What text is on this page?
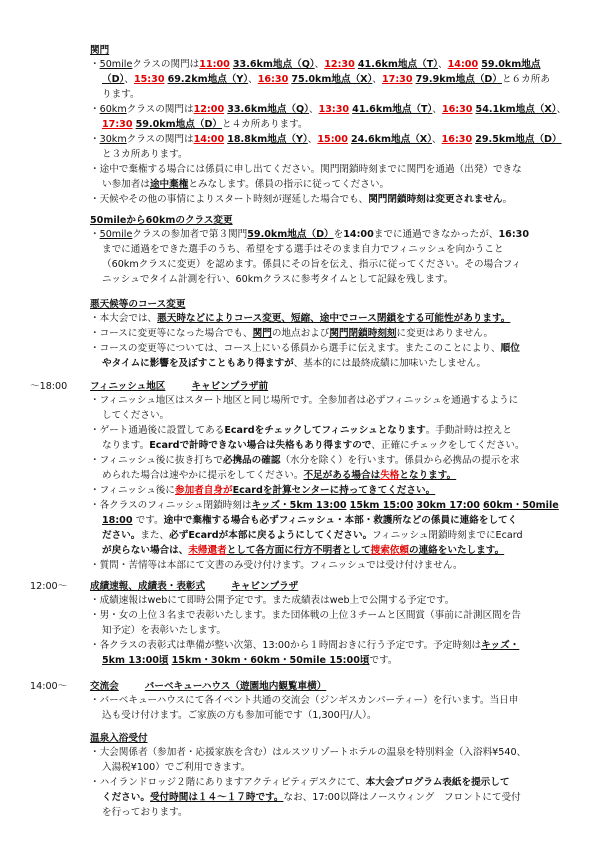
関門
・50mileクラスの関門は11:00 33.6km地点（Q）、12:30 41.6km地点（T）、14:00 59.0km地点
（D）、15:30 69.2km地点（Y）、16:30 75.0km地点（X）、17:30 79.9km地点（D）と６カ所あ
ります。
・60kmクラスの関門は12:00 33.6km地点（Q）、13:30 41.6km地点（T）、16:30 54.1km地点（X）、
17:30 59.0km地点（D）と４カ所あります。
・30kmクラスの関門は14:00 18.8km地点（Y）、15:00 24.6km地点（X）、16:30 29.5km地点（D）
と３カ所あります。
・途中で棄権する場合には係員に申し出てください。関門閉鎖時刻までに関門を通過（出発）できな
い参加者は途中棄権とみなします。係員の指示に従ってください。
・天候やその他の事情によりスタート時刻が遅延した場合でも、関門閉鎖時刻は変更されません。
50mileから60kmのクラス変更
・50mileクラスの参加者で第３関門59.0km地点（D）を14:00までに通過できなかったが、16:30
までに通過をできた選手のうち、希望をする選手はそのまま自力でフィニッシュを向かうこと
（60kmクラスに変更）を認めます。係員にその旨を伝え、指示に従ってください。その場合フィ
ニッシュでタイム計測を行い、60kmクラスに参考タイムとして記録を残します。
悪天候等のコース変更
・本大会では、悪天時などによりコース変更、短縮、途中でコース閉鎖をする可能性があります。
・コースに変更等になった場合でも、関門の地点および関門閉鎖時刻刻に変更はありません。
・コースの変更等については、コース上にいる係員から選手に伝えます。またこのことにより、順位
やタイムに影響を及ぼすこともあり得ますが、基本的には最終成績に加味いたしません。
～18:00	フィニッシュ地区	キャビンプラザ前
・フィニッシュ地区はスタート地区と同じ場所です。全参加者は必ずフィニッシュを通過するように
してください。
・ゲート通過後に設置してあるEcardをチェックしてフィニッシュとなります。手動計時は控えと
なります。Ecardで計時できない場合は失格もあり得ますので、正確にチェックをしてください。
・フィニッシュ後に抜き打ちで必携品の確認（水分を除く）を行います。係員から必携品の提示を求
められた場合は速やかに提示をしてください。不足がある場合は失格となります。
・フィニッシュ後に参加者自身がEcardを計算センターに持ってきてください。
・各クラスのフィニッシュ閉鎖時刻はキッズ・5km 13:00 15km 15:00 30km 17:00 60km・50mile
18:00 です。途中で棄権する場合も必ずフィニッシュ・本部・救護所などの係員に連絡をしてく
ださい。また、必ずEcardが本部に戻るようにしてください。フィニッシュ閉鎖時刻までにEcard
が戻らない場合は、未帰還者として各方面に行方不明者として捜索依頼の連絡をいたします。
・質問・苦情等は本部にて文書のみ受け付けます。フィニッシュでは受け付けません。
12:00～	成績速報、成績表・表彰式	キャビンプラザ
・成績速報はwebにて即時公開予定です。また成績表はweb上で公開する予定です。
・男・女の上位３名まで表彰いたします。また団体戦の上位３チームと区間賞（事前に計測区間を告
知予定）を表彰いたします。
・各クラスの表彰式は準備が整い次第、13:00から１時間おきに行う予定です。予定時刻はキッズ・
5km 13:00頃 15km・30km・60km・50mile 15:00頃です。
14:00～	交流会	バーベキューハウス（遊園地内観覧車横）
・バーベキューハウスにて各イベント共通の交流会（ジンギスカンパーティー）を行います。当日申
込も受け付けます。ご家族の方も参加可能です（1,300円/人）。
温泉入浴受付
・大会関係者（参加者・応援家族を含む）はルスツリゾートホテルの温泉を特別料金（入浴料¥540、
入湯税¥100）でご利用できます。
・ハイランドロッジ２階にありますアクティビティデスクにて、本大会プログラム表紙を提示して
ください。受付時間は１４～１７時です。なお、17:00以降はノースウィング　フロントにて受付
を行っております。
